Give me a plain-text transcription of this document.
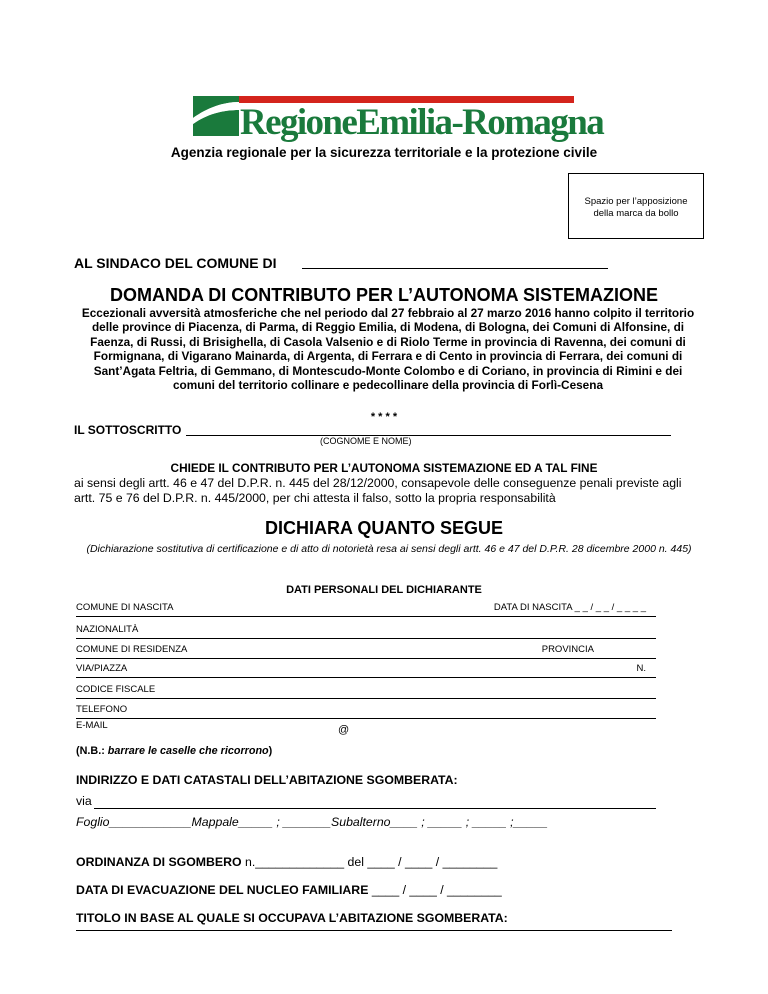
RegioneEmilia-Romagna
Agenzia regionale per la sicurezza territoriale e la protezione civile
Spazio per l’apposizione
della marca da bollo
AL SINDACO DEL COMUNE DI
DOMANDA DI CONTRIBUTO PER L’AUTONOMA SISTEMAZIONE
Eccezionali avversità atmosferiche che nel periodo dal 27 febbraio al 27 marzo 2016 hanno colpito il territorio delle province di Piacenza, di Parma, di Reggio Emilia, di Modena, di Bologna, dei Comuni di Alfonsine, di Faenza, di Russi, di Brisighella, di Casola Valsenio e di Riolo Terme in provincia di Ravenna, dei comuni di Formignana, di Vigarano Mainarda, di Argenta, di Ferrara e di Cento in provincia di Ferrara, dei comuni di Sant’Agata Feltria, di Gemmano, di Montescudo-Monte Colombo e di Coriano, in provincia di Rimini e dei comuni del territorio collinare e pedecollinare della provincia di Forlì-Cesena
* * * *
IL SOTTOSCRITTO
(COGNOME E NOME)
CHIEDE IL CONTRIBUTO PER L’AUTONOMA SISTEMAZIONE ED A TAL FINE
ai sensi degli artt. 46 e 47 del D.P.R. n. 445 del 28/12/2000, consapevole delle conseguenze penali previste agli artt. 75 e 76 del D.P.R. n. 445/2000, per chi attesta il falso, sotto la propria responsabilità
DICHIARA QUANTO SEGUE
(Dichiarazione sostitutiva di certificazione e di atto di notorietà resa ai sensi degli artt. 46 e 47 del D.P.R. 28 dicembre 2000 n. 445)
DATI PERSONALI DEL DICHIARANTE
COMUNE DI NASCITA	DATA DI NASCITA _ _ / _ _ / _ _ _ _
NAZIONALITÀ
COMUNE DI RESIDENZA	PROVINCIA
VIA/PIAZZA	N.
CODICE FISCALE
TELEFONO
E-MAIL	@
(N.B.: barrare le caselle che ricorrono)
INDIRIZZO E DATI CATASTALI DELL’ABITAZIONE SGOMBERATA:
via
Foglio____________Mappale_____ ; _______Subalterno____ ; _____ ; _____ ;_____
ORDINANZA DI SGOMBERO n._____________ del ____ / ____ / ________
DATA DI EVACUAZIONE DEL NUCLEO FAMILIARE ____ / ____ / ________
TITOLO IN BASE AL QUALE SI OCCUPAVA L’ABITAZIONE SGOMBERATA:
